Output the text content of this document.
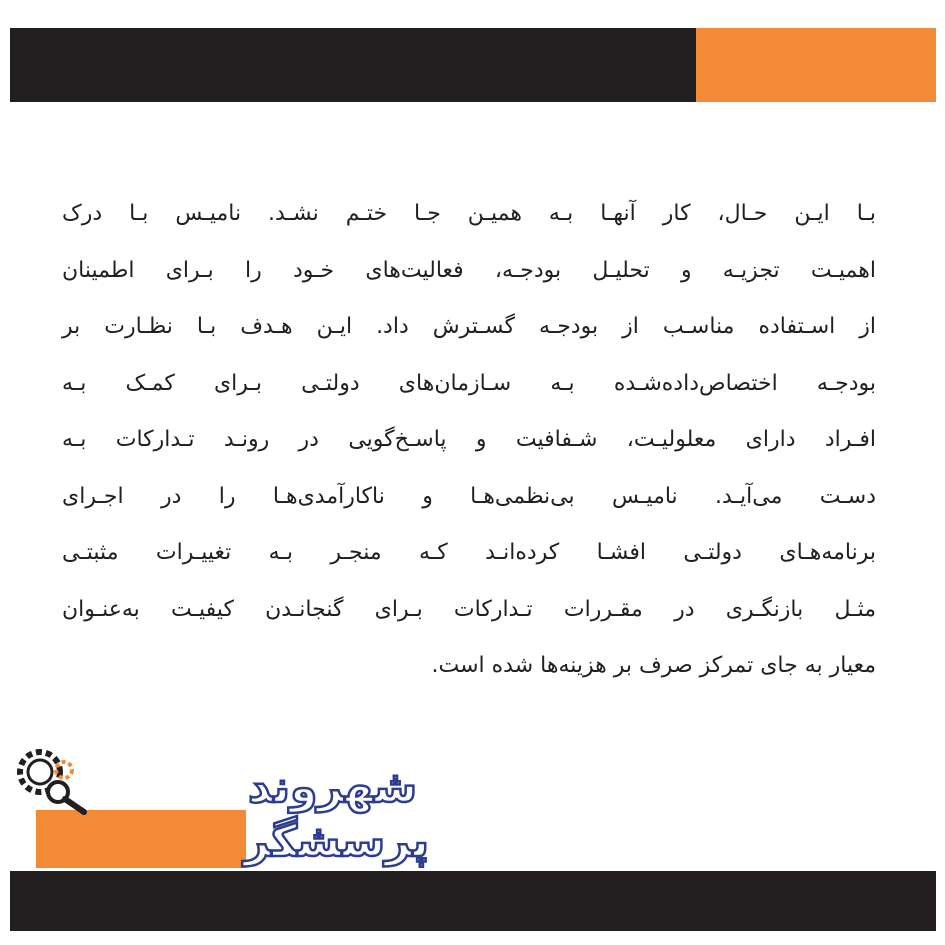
بـا ایـن حـال، کار آنهـا بـه همیـن جـا ختـم نشـد. نامیـس بـا درک
اهمیـت تجزیـه و تحلیـل بودجـه، فعالیت‌های خـود را بـرای اطمینان
از اسـتفاده مناسـب از بودجـه گسـترش داد. ایـن هـدف بـا نظـارت بر
بودجـه اختصاص‌داده‌شـده بـه سـازمان‌های دولتـی بـرای کمـک بـه
افـراد دارای معلولیـت، شـفافیت و پاسـخ‌گویی در رونـد تـدارکات بـه
دسـت می‌آیـد. نامیـس بی‌نظمی‌هـا و ناکارآمدی‌هـا را در اجـرای
برنامه‌هـای دولتـی افشـا کرده‌انـد کـه منجـر بـه تغییـرات مثبتـی
مثـل بازنگـری در مقـررات تـدارکات بـرای گنجانـدن کیفیـت به‌عنـوان
معیار به جای تمرکز صرف بر هزینه‌ها شده است.
شهروند
پرسشگر
